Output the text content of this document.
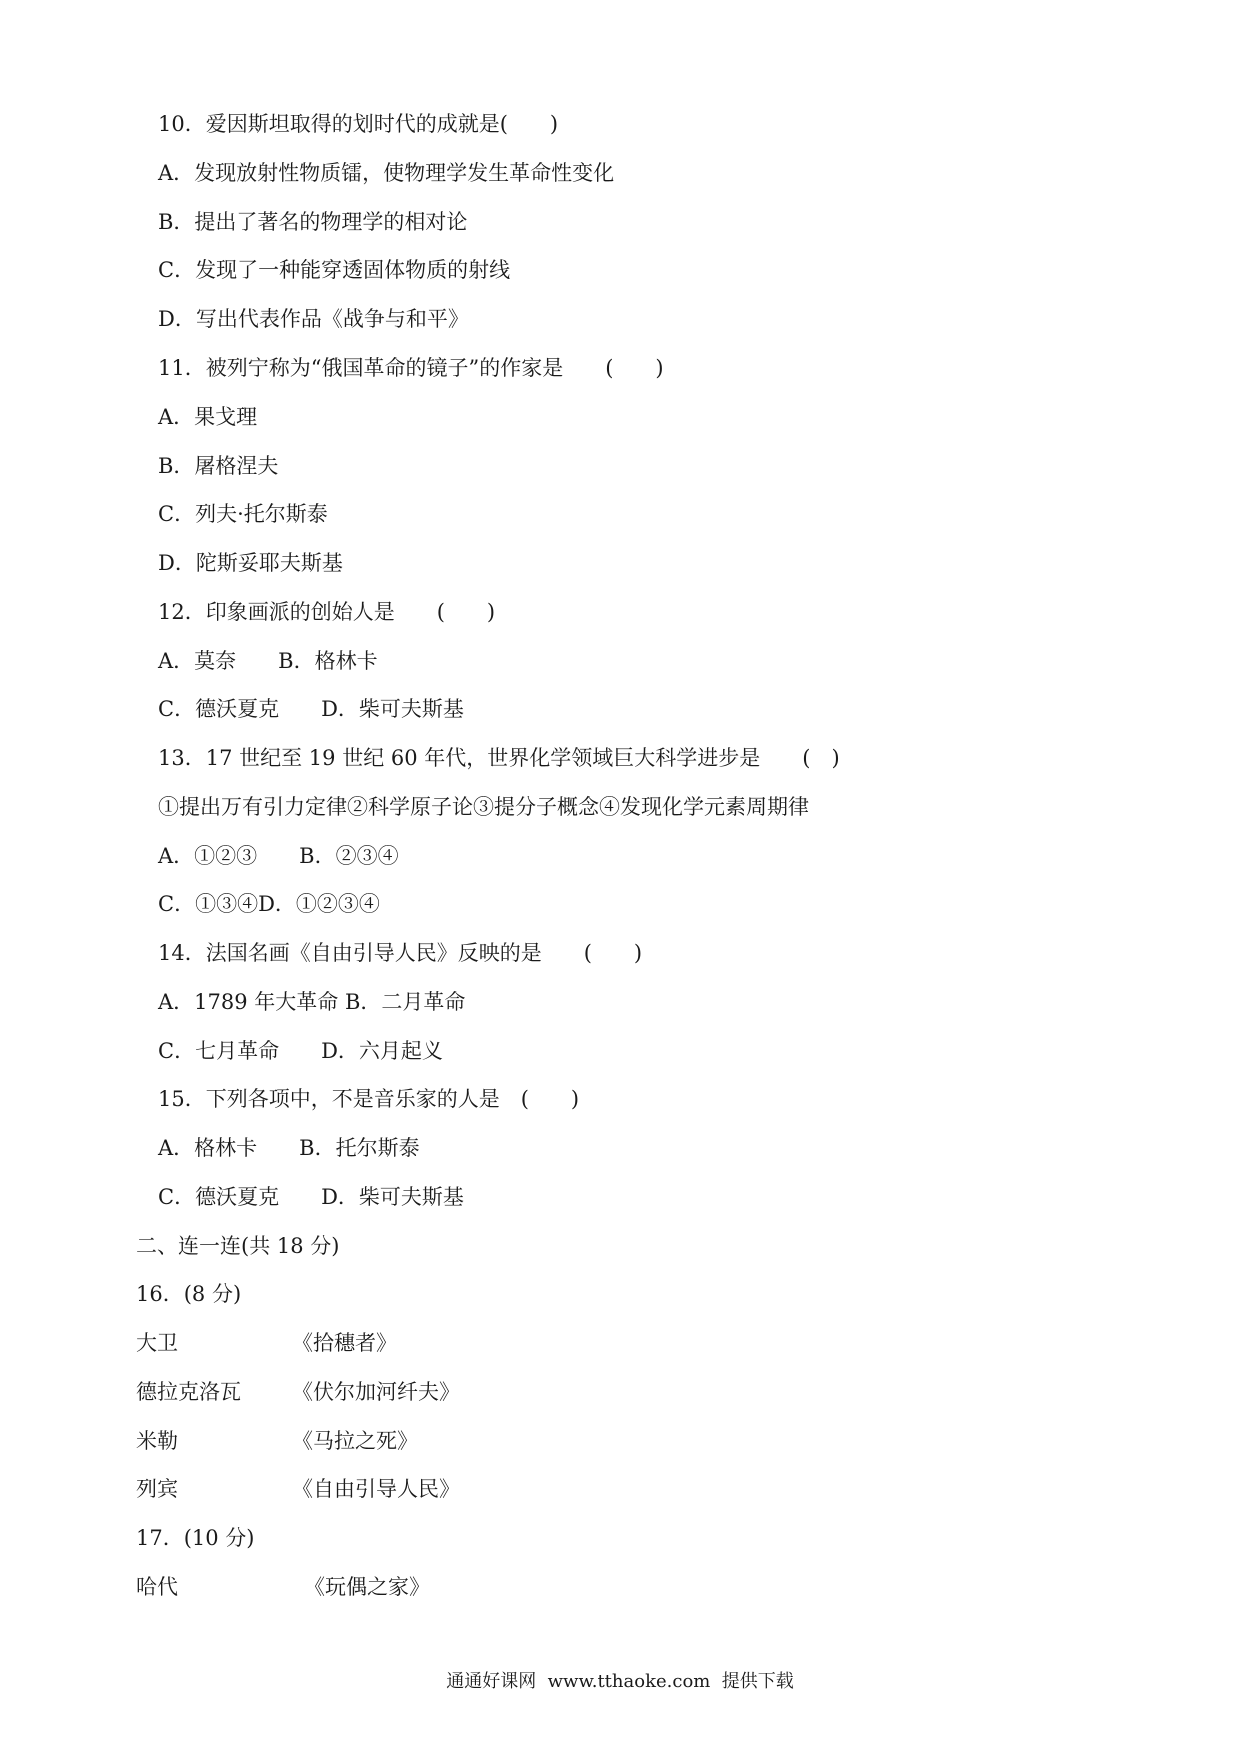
10．爱因斯坦取得的划时代的成就是(　　)
A．发现放射性物质镭，使物理学发生革命性变化
B．提出了著名的物理学的相对论
C．发现了一种能穿透固体物质的射线
D．写出代表作品《战争与和平》
11．被列宁称为“俄国革命的镜子”的作家是　　(　　)
A．果戈理
B．屠格涅夫
C．列夫·托尔斯泰
D．陀斯妥耶夫斯基
12．印象画派的创始人是　　(　　)
A．莫奈　　B．格林卡
C．德沃夏克　　D．柴可夫斯基
13．17 世纪至 19 世纪 60 年代，世界化学领域巨大科学进步是　　(　)
①提出万有引力定律②科学原子论③提分子概念④发现化学元素周期律
A．①②③　　B．②③④
C．①③④D．①②③④
14．法国名画《自由引导人民》反映的是　　(　　)
A．1789 年大革命 B．二月革命
C．七月革命　　D．六月起义
15．下列各项中，不是音乐家的人是　(　　)
A．格林卡　　B．托尔斯泰
C．德沃夏克　　D．柴可夫斯基
二、连一连(共 18 分)
16．(8 分)
大卫	《拾穗者》
德拉克洛瓦 《伏尔加河纤夫》
米勒	《马拉之死》
列宾	《自由引导人民》
17．(10 分)
哈代	《玩偶之家》
通通好课网  www.tthaoke.com  提供下载
